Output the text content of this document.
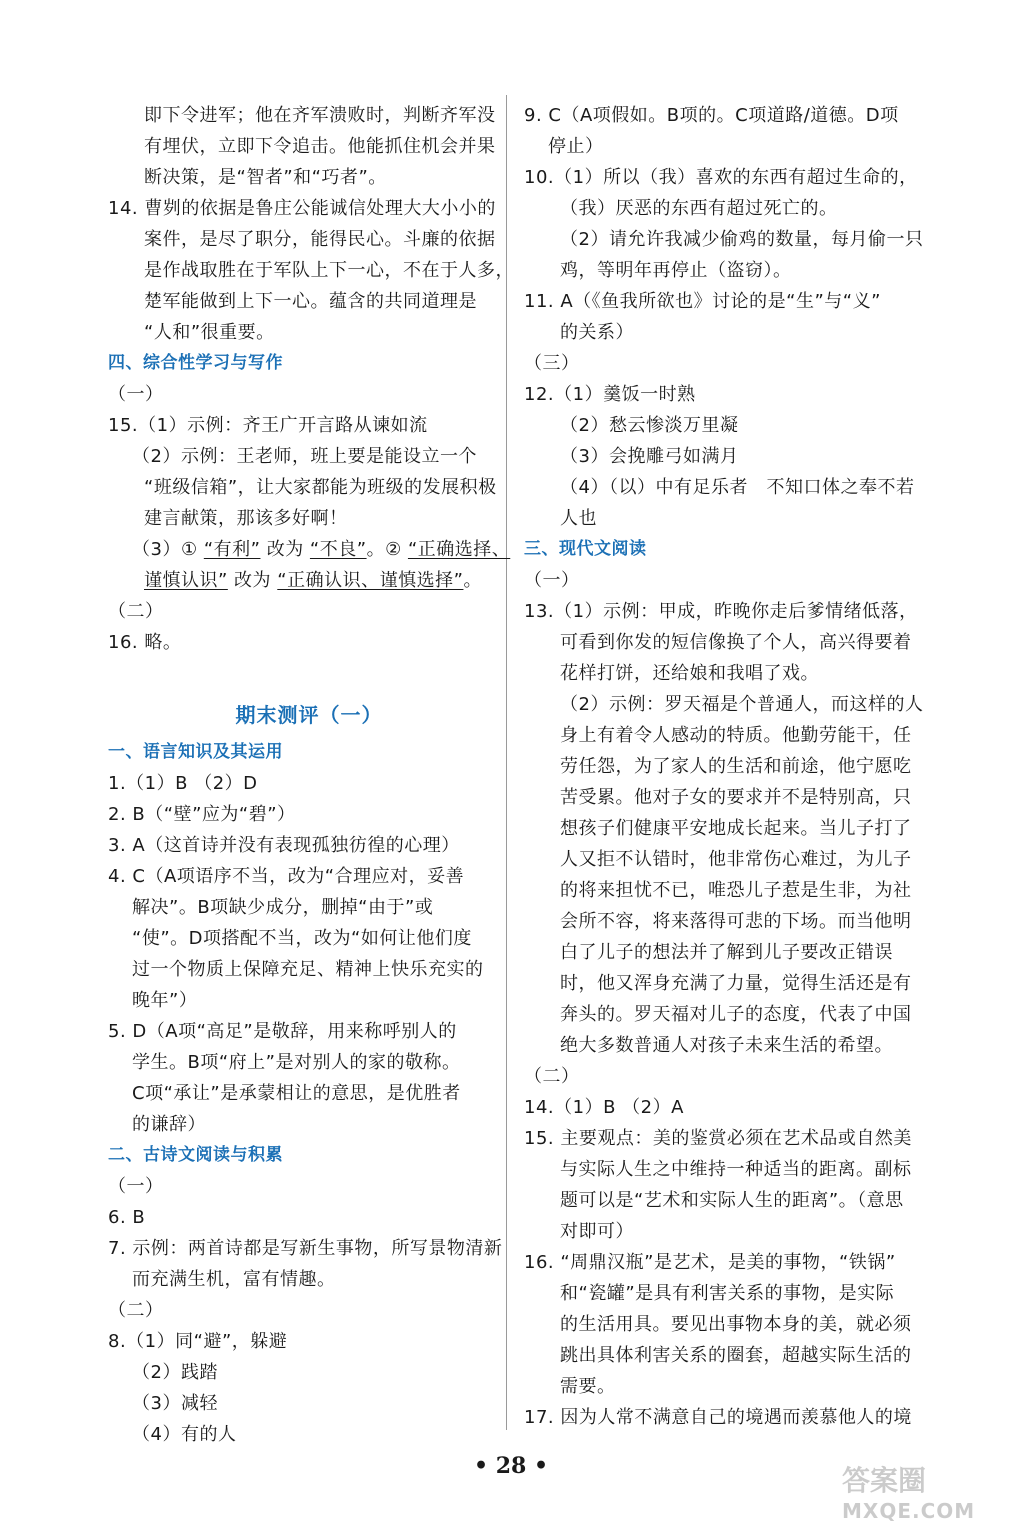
即下令进军；他在齐军溃败时，判断齐军没
有埋伏，立即下令追击。他能抓住机会并果
断决策，是“智者”和“巧者”。
14. 曹刿的依据是鲁庄公能诚信处理大大小小的
案件，是尽了职分，能得民心。斗廉的依据
是作战取胜在于军队上下一心，不在于人多，
楚军能做到上下一心。蕴含的共同道理是
“人和”很重要。
四、综合性学习与写作
（一）
15.（1）示例：齐王广开言路从谏如流
（2）示例：王老师，班上要是能设立一个
“班级信箱”，让大家都能为班级的发展积极
建言献策，那该多好啊！
（3）① “有利” 改为 “不良”。② “正确选择、
谨慎认识” 改为 “正确认识、谨慎选择”。
（二）
16. 略。
期末测评（一）
一、语言知识及其运用
1.（1）B （2）D
2. B（“壁”应为“碧”）
3. A（这首诗并没有表现孤独彷徨的心理）
4. C（A项语序不当，改为“合理应对，妥善
解决”。B项缺少成分，删掉“由于”或
“使”。D项搭配不当，改为“如何让他们度
过一个物质上保障充足、精神上快乐充实的
晚年”）
5. D（A项“高足”是敬辞，用来称呼别人的
学生。B项“府上”是对别人的家的敬称。
C项“承让”是承蒙相让的意思，是优胜者
的谦辞）
二、古诗文阅读与积累
（一）
6. B
7. 示例：两首诗都是写新生事物，所写景物清新
而充满生机，富有情趣。
（二）
8.（1）同“避”，躲避
（2）践踏
（3）减轻
（4）有的人
9. C（A项假如。B项的。C项道路/道德。D项
停止）
10.（1）所以（我）喜欢的东西有超过生命的，
（我）厌恶的东西有超过死亡的。
（2）请允许我减少偷鸡的数量，每月偷一只
鸡，等明年再停止（盗窃）。
11. A（《鱼我所欲也》讨论的是“生”与“义”
的关系）
（三）
12.（1）羹饭一时熟
（2）愁云惨淡万里凝
（3）会挽雕弓如满月
（4）（以）中有足乐者　不知口体之奉不若
人也
三、现代文阅读
（一）
13.（1）示例：甲成，昨晚你走后爹情绪低落，
可看到你发的短信像换了个人，高兴得要着
花样打饼，还给娘和我唱了戏。
（2）示例：罗天福是个普通人，而这样的人
身上有着令人感动的特质。他勤劳能干，任
劳任怨，为了家人的生活和前途，他宁愿吃
苦受累。他对子女的要求并不是特别高，只
想孩子们健康平安地成长起来。当儿子打了
人又拒不认错时，他非常伤心难过，为儿子
的将来担忧不已，唯恐儿子惹是生非，为社
会所不容，将来落得可悲的下场。而当他明
白了儿子的想法并了解到儿子要改正错误
时，他又浑身充满了力量，觉得生活还是有
奔头的。罗天福对儿子的态度，代表了中国
绝大多数普通人对孩子未来生活的希望。
（二）
14.（1）B （2）A
15. 主要观点：美的鉴赏必须在艺术品或自然美
与实际人生之中维持一种适当的距离。副标
题可以是“艺术和实际人生的距离”。（意思
对即可）
16. “周鼎汉瓶”是艺术，是美的事物，“铁锅”
和“瓷罐”是具有利害关系的事物，是实际
的生活用具。要见出事物本身的美，就必须
跳出具体利害关系的圈套，超越实际生活的
需要。
17. 因为人常不满意自己的境遇而羡慕他人的境
• 28 •	答案圈
MXQE.COM
